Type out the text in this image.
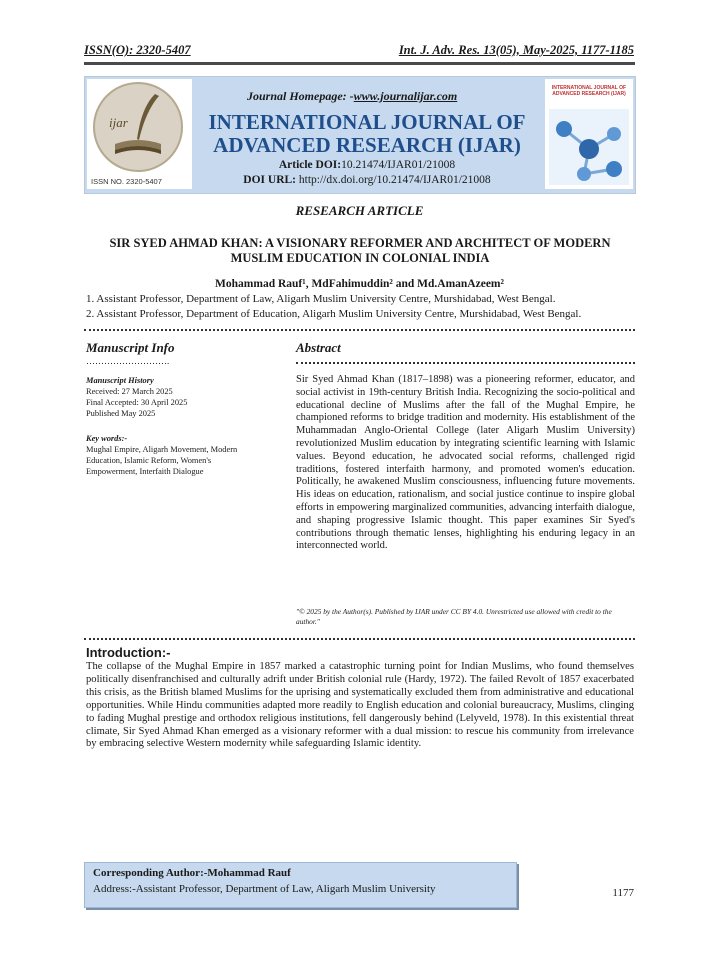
ISSN(O): 2320-5407	Int. J. Adv. Res. 13(05), May-2025, 1177-1185
ijar
ISSN NO. 2320-5407
Journal Homepage: -www.journalijar.com
INTERNATIONAL JOURNAL OF ADVANCED RESEARCH (IJAR)
Article DOI:10.21474/IJAR01/21008
DOI URL: http://dx.doi.org/10.21474/IJAR01/21008
INTERNATIONAL JOURNAL OF ADVANCED RESEARCH (IJAR)
RESEARCH ARTICLE
SIR SYED AHMAD KHAN: A VISIONARY REFORMER AND ARCHITECT OF MODERN MUSLIM EDUCATION IN COLONIAL INDIA
Mohammad Rauf¹, MdFahimuddin² and Md.AmanAzeem²
1. Assistant Professor, Department of Law, Aligarh Muslim University Centre, Murshidabad, West Bengal.
2. Assistant Professor, Department of Education, Aligarh Muslim University Centre, Murshidabad, West Bengal.
Manuscript Info	Abstract
……………………….
Manuscript History
Received: 27 March 2025
Final Accepted: 30 April 2025
Published May 2025
Key words:-
Mughal Empire, Aligarh Movement, Modern Education, Islamic Reform, Women's Empowerment, Interfaith Dialogue
Sir Syed Ahmad Khan (1817–1898) was a pioneering reformer, educator, and social activist in 19th-century British India. Recognizing the socio-political and educational decline of Muslims after the fall of the Mughal Empire, he championed reforms to bridge tradition and modernity. His establishment of the Muhammadan Anglo-Oriental College (later Aligarh Muslim University) revolutionized Muslim education by integrating scientific learning with Islamic values. Beyond education, he advocated social reforms, challenged rigid traditions, fostered interfaith harmony, and promoted women's education. Politically, he awakened Muslim consciousness, influencing future movements. His ideas on education, rationalism, and social justice continue to inspire global efforts in empowering marginalized communities, advancing interfaith dialogue, and shaping progressive Islamic thought. This paper examines Sir Syed's contributions through thematic lenses, highlighting his enduring legacy in an interconnected world.
"© 2025 by the Author(s). Published by IJAR under CC BY 4.0. Unrestricted use allowed with credit to the author."
Introduction:-
The collapse of the Mughal Empire in 1857 marked a catastrophic turning point for Indian Muslims, who found themselves politically disenfranchised and culturally adrift under British colonial rule (Hardy, 1972). The failed Revolt of 1857 exacerbated this crisis, as the British blamed Muslims for the uprising and systematically excluded them from administrative and educational opportunities. While Hindu communities adapted more readily to English education and colonial bureaucracy, Muslims, clinging to fading Mughal prestige and orthodox religious institutions, fell dangerously behind (Lelyveld, 1978). In this existential threat climate, Sir Syed Ahmad Khan emerged as a visionary reformer with a dual mission: to rescue his community from irrelevance by embracing selective Western modernity while safeguarding Islamic identity.
Corresponding Author:-Mohammad Rauf
Address:-Assistant Professor, Department of Law, Aligarh Muslim University	1177
